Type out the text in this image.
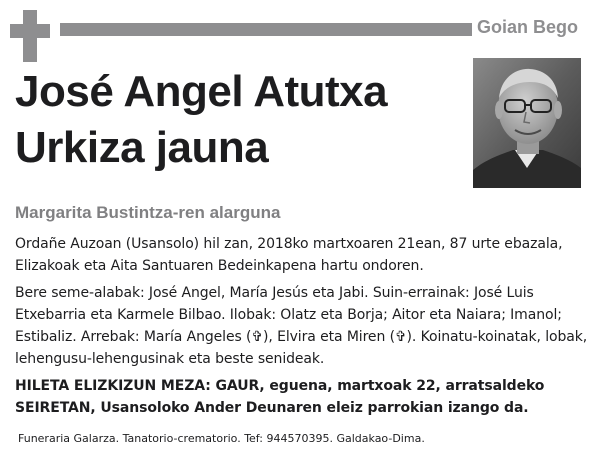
Goian Bego
José Angel Atutxa
Urkiza jauna
Margarita Bustintza-ren alarguna

Ordañe Auzoan (Usansolo) hil zan, 2018ko martxoaren 21ean, 87 urte ebazala, Elizakoak eta Aita Santuaren Bedeinkapena hartu ondoren.

Bere seme-alabak: José Angel, María Jesús eta Jabi. Suin-errainak: José Luis Etxebarria eta Karmele Bilbao. Ilobak: Olatz eta Borja; Aitor eta Naiara; Imanol; Estibaliz. Arrebak: María Angeles (✞), Elvira eta Miren (✞). Koinatu-koinatak, lobak, lehengusu-lehengusinak eta beste senideak.

HILETA ELIZKIZUN MEZA: GAUR, eguena, martxoak 22, arratsaldeko SEIRETAN, Usansoloko Ander Deunaren eleiz parrokian izango da.

Funeraria Galarza. Tanatorio-crematorio. Tef: 944570395. Galdakao-Dima.
